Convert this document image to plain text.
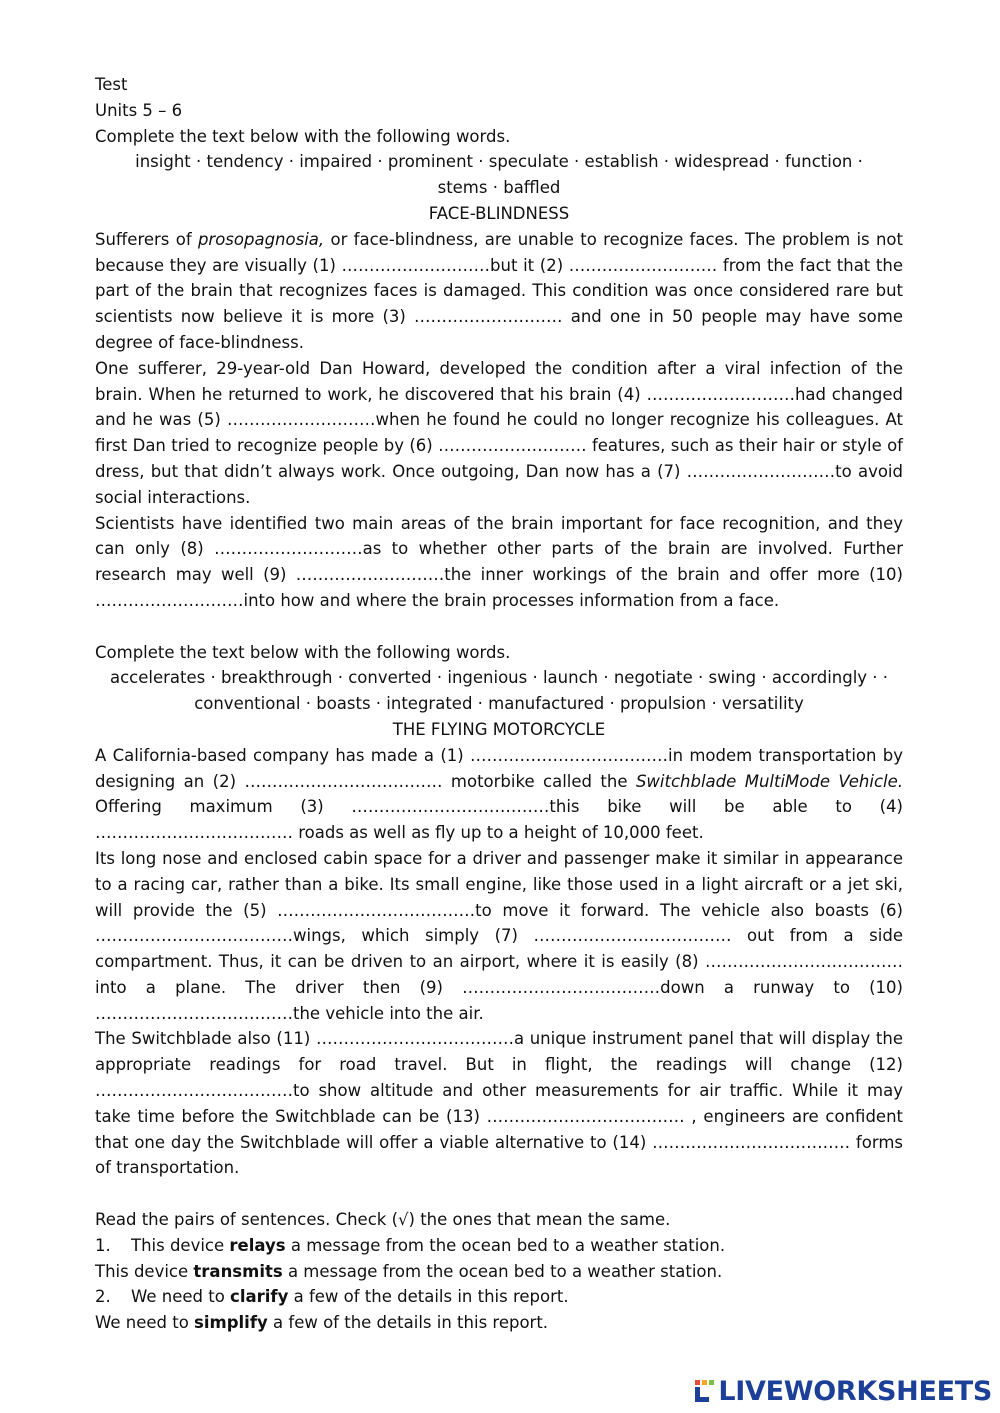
Test
Units 5 – 6
Complete the text below with the following words.
insight · tendency · impaired · prominent · speculate · establish · widespread · function ·
stems · baffled
FACE-BLINDNESS
Sufferers of prosopagnosia, or face-blindness, are unable to recognize faces. The problem is not because they are visually (1) ………………………but it (2) ……………………… from the fact that the part of the brain that recognizes faces is damaged. This condition was once considered rare but scientists now believe it is more (3) ……………………… and one in 50 people may have some degree of face-blindness.
One sufferer, 29-year-old Dan Howard, developed the condition after a viral infection of the brain. When he returned to work, he discovered that his brain (4) ………………………had changed and he was (5) ………………………when he found he could no longer recognize his colleagues. At first Dan tried to recognize people by (6) ……………………… features, such as their hair or style of dress, but that didn’t always work. Once outgoing, Dan now has a (7) ………………………to avoid social interactions.
Scientists have identified two main areas of the brain important for face recognition, and they can only (8) ………………………as to whether other parts of the brain are involved. Further research may well (9) ………………………the inner workings of the brain and offer more (10) ………………………into how and where the brain processes information from a face.
Complete the text below with the following words.
accelerates · breakthrough · converted · ingenious · launch · negotiate · swing · accordingly · ·
conventional · boasts · integrated · manufactured · propulsion · versatility
THE FLYING MOTORCYCLE
A California-based company has made a (1) ………………………………in modem transportation by designing an (2) ……………………………… motorbike called the Switchblade MultiMode Vehicle. Offering maximum (3) ………………………………this bike will be able to (4) ……………………………… roads as well as fly up to a height of 10,000 feet.
Its long nose and enclosed cabin space for a driver and passenger make it similar in appearance to a racing car, rather than a bike. Its small engine, like those used in a light aircraft or a jet ski, will provide the (5) ………………………………to move it forward. The vehicle also boasts (6) ………………………………wings, which simply (7) ……………………………… out from a side compartment. Thus, it can be driven to an airport, where it is easily (8) ………………………………into a plane. The driver then (9) ………………………………down a runway to (10) ………………………………the vehicle into the air.
The Switchblade also (11) ………………………………a unique instrument panel that will display the appropriate readings for road travel. But in flight, the readings will change (12) ………………………………to show altitude and other measurements for air traffic. While it may take time before the Switchblade can be (13) ……………………………… , engineers are confident that one day the Switchblade will offer a viable alternative to (14) ……………………………… forms of transportation.
Read the pairs of sentences. Check (√) the ones that mean the same.
1. This device relays a message from the ocean bed to a weather station.
This device transmits a message from the ocean bed to a weather station.
2. We need to clarify a few of the details in this report.
We need to simplify a few of the details in this report.
LIVEWORKSHEETS
